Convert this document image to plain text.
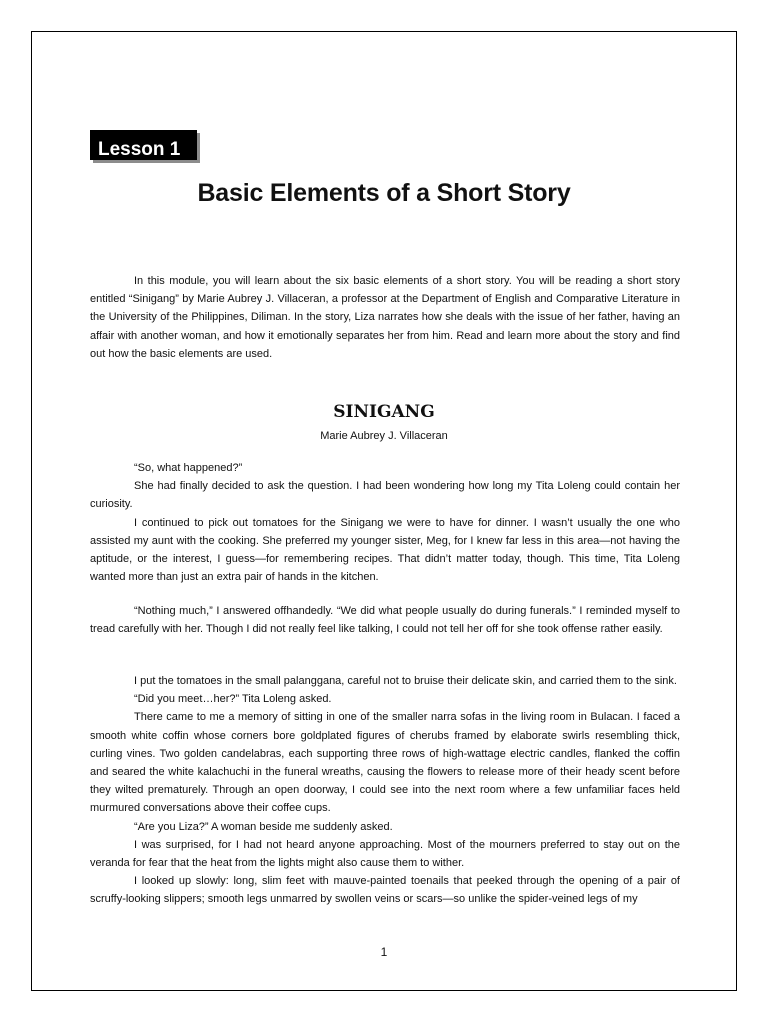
Lesson 1
Basic Elements of a Short Story

In this module, you will learn about the six basic elements of a short story. You will be reading a short story entitled “Sinigang” by Marie Aubrey J. Villaceran, a professor at the Department of English and Comparative Literature in the University of the Philippines, Diliman. In the story, Liza narrates how she deals with the issue of her father, having an affair with another woman, and how it emotionally separates her from him. Read and learn more about the story and find out how the basic elements are used.

SINIGANG
Marie Aubrey J. Villaceran

“So, what happened?”

She had finally decided to ask the question. I had been wondering how long my Tita Loleng could contain her curiosity.

I continued to pick out tomatoes for the Sinigang we were to have for dinner. I wasn’t usually the one who assisted my aunt with the cooking. She preferred my younger sister, Meg, for I knew far less in this area—not having the aptitude, or the interest, I guess—for remembering recipes. That didn’t matter today, though. This time, Tita Loleng wanted more than just an extra pair of hands in the kitchen.

“Nothing much,” I answered offhandedly. “We did what people usually do during funerals.” I reminded myself to tread carefully with her. Though I did not really feel like talking, I could not tell her off for she took offense rather easily.

I put the tomatoes in the small palanggana, careful not to bruise their delicate skin, and carried them to the sink.

“Did you meet…her?” Tita Loleng asked.

There came to me a memory of sitting in one of the smaller narra sofas in the living room in Bulacan. I faced a smooth white coffin whose corners bore goldplated figures of cherubs framed by elaborate swirls resembling thick, curling vines. Two golden candelabras, each supporting three rows of high-wattage electric candles, flanked the coffin and seared the white kalachuchi in the funeral wreaths, causing the flowers to release more of their heady scent before they wilted prematurely. Through an open doorway, I could see into the next room where a few unfamiliar faces held murmured conversations above their coffee cups.

“Are you Liza?” A woman beside me suddenly asked.

I was surprised, for I had not heard anyone approaching. Most of the mourners preferred to stay out on the veranda for fear that the heat from the lights might also cause them to wither.

I looked up slowly: long, slim feet with mauve-painted toenails that peeked through the opening of a pair of scruffy-looking slippers; smooth legs unmarred by swollen veins or scars—so unlike the spider-veined legs of my

1
